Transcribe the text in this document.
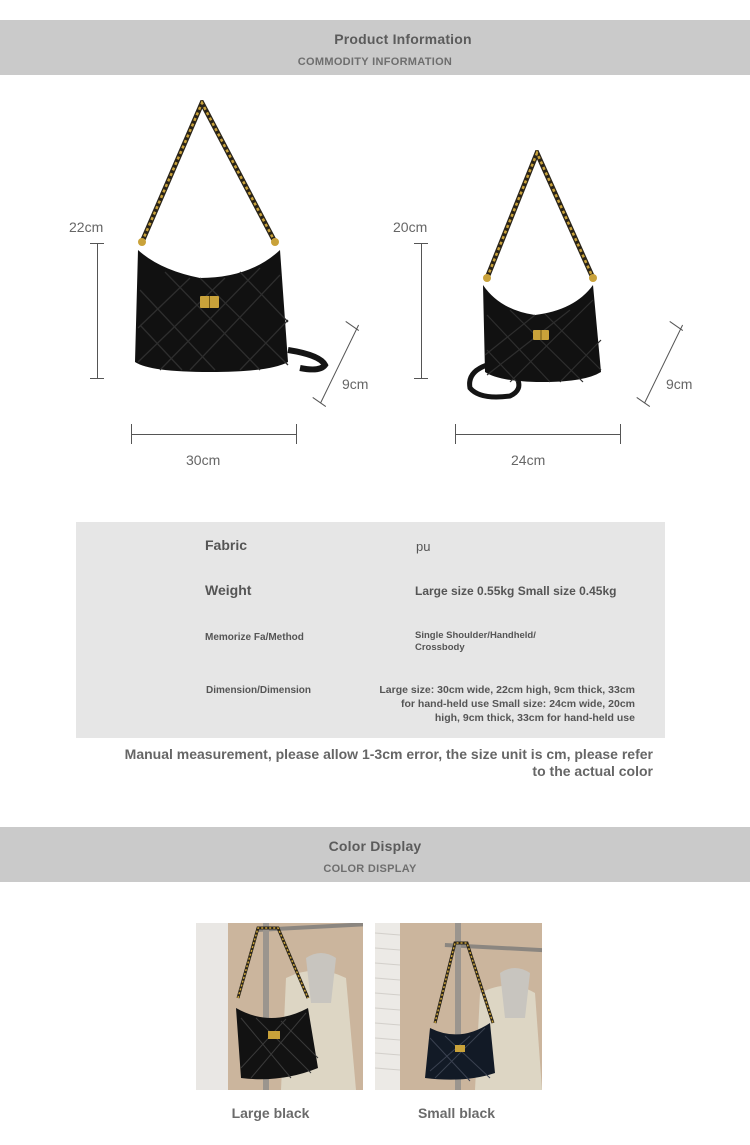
Product Information
COMMODITY INFORMATION
22cm
30cm
9cm
20cm
24cm
9cm
Fabric	pu
Weight	Large size 0.55kg Small size 0.45kg
Memorize Fa/Method	Single Shoulder/Handheld/
Crossbody
Dimension/Dimension	Large size: 30cm wide, 22cm high, 9cm thick, 33cm
for hand-held use Small size: 24cm wide, 20cm
high, 9cm thick, 33cm for hand-held use
Manual measurement, please allow 1-3cm error, the size unit is cm, please refer
to the actual color
Color Display
COLOR DISPLAY
Large black	Small black
